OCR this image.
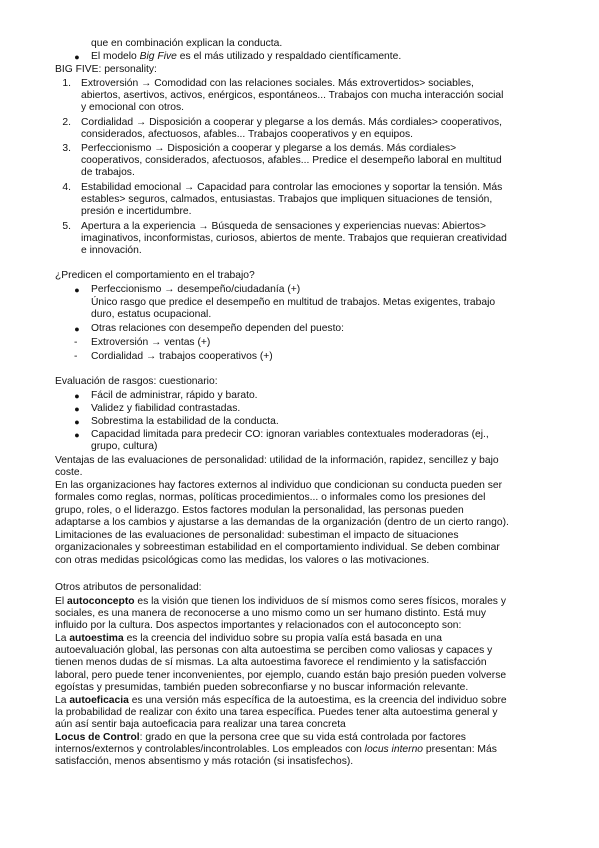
que en combinación explican la conducta.
● El modelo Big Five es el más utilizado y respaldado científicamente.
BIG FIVE: personality:
1. Extroversión → Comodidad con las relaciones sociales. Más extrovertidos> sociables,
abiertos, asertivos, activos, enérgicos, espontáneos... Trabajos con mucha interacción social
y emocional con otros.
2. Cordialidad → Disposición a cooperar y plegarse a los demás. Más cordiales> cooperativos,
considerados, afectuosos, afables... Trabajos cooperativos y en equipos.
3. Perfeccionismo → Disposición a cooperar y plegarse a los demás. Más cordiales>
cooperativos, considerados, afectuosos, afables... Predice el desempeño laboral en multitud
de trabajos.
4. Estabilidad emocional → Capacidad para controlar las emociones y soportar la tensión. Más
estables> seguros, calmados, entusiastas. Trabajos que impliquen situaciones de tensión,
presión e incertidumbre.
5. Apertura a la experiencia → Búsqueda de sensaciones y experiencias nuevas: Abiertos>
imaginativos, inconformistas, curiosos, abiertos de mente. Trabajos que requieran creatividad
e innovación.
¿Predicen el comportamiento en el trabajo?
● Perfeccionismo → desempeño/ciudadanía (+)
Único rasgo que predice el desempeño en multitud de trabajos. Metas exigentes, trabajo
duro, estatus ocupacional.
● Otras relaciones con desempeño dependen del puesto:
-	Extroversión → ventas (+)
-	Cordialidad → trabajos cooperativos (+)
Evaluación de rasgos: cuestionario:
● Fácil de administrar, rápido y barato.
● Validez y fiabilidad contrastadas.
● Sobrestima la estabilidad de la conducta.
● Capacidad limitada para predecir CO: ignoran variables contextuales moderadoras (ej.,
grupo, cultura)
Ventajas de las evaluaciones de personalidad: utilidad de la información, rapidez, sencillez y bajo
coste.
En las organizaciones hay factores externos al individuo que condicionan su conducta pueden ser
formales como reglas, normas, políticas procedimientos... o informales como los presiones del
grupo, roles, o el liderazgo. Estos factores modulan la personalidad, las personas pueden
adaptarse a los cambios y ajustarse a las demandas de la organización (dentro de un cierto rango).
Limitaciones de las evaluaciones de personalidad: subestiman el impacto de situaciones
organizacionales y sobreestiman estabilidad en el comportamiento individual. Se deben combinar
con otras medidas psicológicas como las medidas, los valores o las motivaciones.
Otros atributos de personalidad:
El autoconcepto es la visión que tienen los individuos de sí mismos como seres físicos, morales y
sociales, es una manera de reconocerse a uno mismo como un ser humano distinto. Está muy
influido por la cultura. Dos aspectos importantes y relacionados con el autoconcepto son:
La autoestima es la creencia del individuo sobre su propia valía está basada en una
autoevaluación global, las personas con alta autoestima se perciben como valiosas y capaces y
tienen menos dudas de sí mismas. La alta autoestima favorece el rendimiento y la satisfacción
laboral, pero puede tener inconvenientes, por ejemplo, cuando están bajo presión pueden volverse
egoístas y presumidas, también pueden sobreconfiarse y no buscar información relevante.
La autoeficacia es una versión más específica de la autoestima, es la creencia del individuo sobre
la probabilidad de realizar con éxito una tarea específica. Puedes tener alta autoestima general y
aún así sentir baja autoeficacia para realizar una tarea concreta
Locus de Control: grado en que la persona cree que su vida está controlada por factores
internos/externos y controlables/incontrolables. Los empleados con locus interno presentan: Más
satisfacción, menos absentismo y más rotación (si insatisfechos).
